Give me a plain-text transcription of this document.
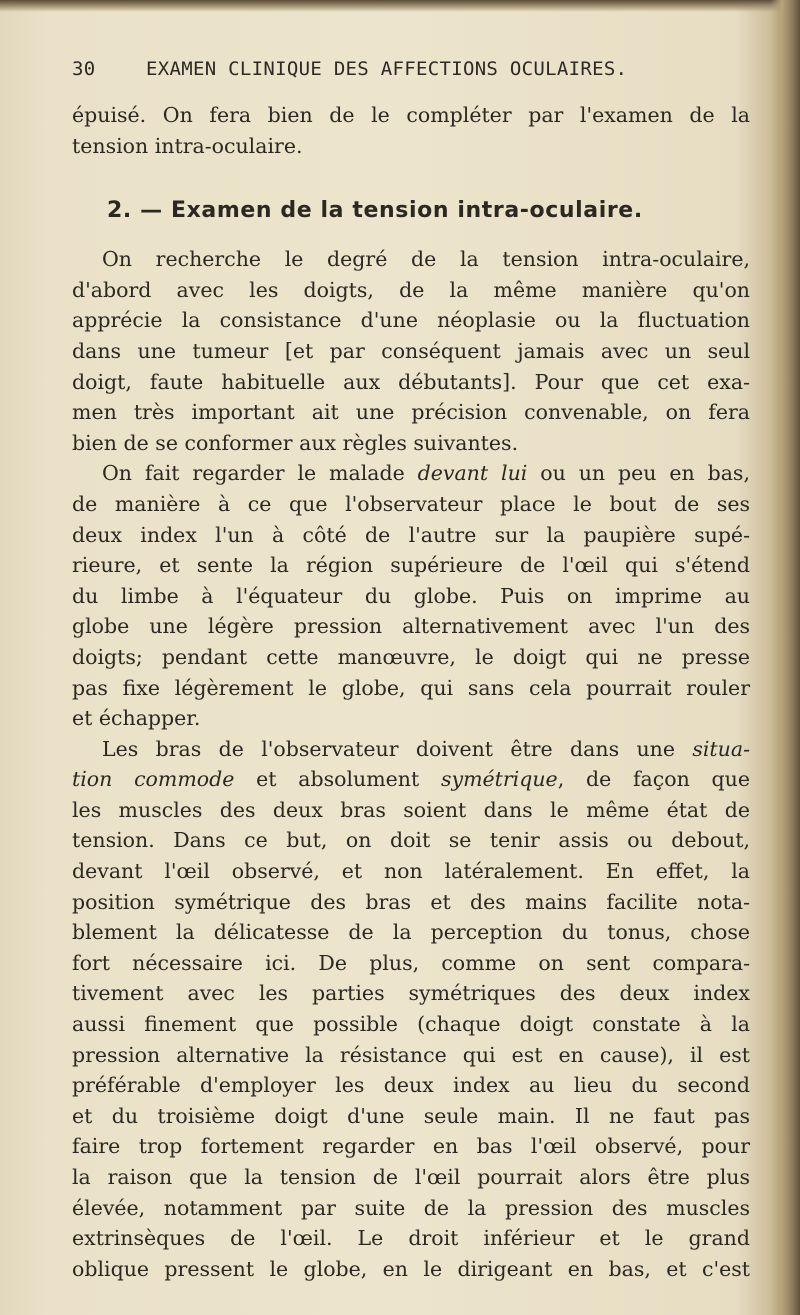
30	EXAMEN CLINIQUE DES AFFECTIONS OCULAIRES.
épuisé. On fera bien de le compléter par l'examen de la
tension intra-oculaire.
2. — Examen de la tension intra-oculaire.
On recherche le degré de la tension intra-oculaire,
d'abord avec les doigts, de la même manière qu'on
apprécie la consistance d'une néoplasie ou la fluctuation
dans une tumeur [et par conséquent jamais avec un seul
doigt, faute habituelle aux débutants]. Pour que cet exa-
men très important ait une précision convenable, on fera
bien de se conformer aux règles suivantes.
On fait regarder le malade devant lui ou un peu en bas,
de manière à ce que l'observateur place le bout de ses
deux index l'un à côté de l'autre sur la paupière supé-
rieure, et sente la région supérieure de l'œil qui s'étend
du limbe à l'équateur du globe. Puis on imprime au
globe une légère pression alternativement avec l'un des
doigts; pendant cette manœuvre, le doigt qui ne presse
pas fixe légèrement le globe, qui sans cela pourrait rouler
et échapper.
Les bras de l'observateur doivent être dans une situa-
tion commode et absolument symétrique, de façon que
les muscles des deux bras soient dans le même état de
tension. Dans ce but, on doit se tenir assis ou debout,
devant l'œil observé, et non latéralement. En effet, la
position symétrique des bras et des mains facilite nota-
blement la délicatesse de la perception du tonus, chose
fort nécessaire ici. De plus, comme on sent compara-
tivement avec les parties symétriques des deux index
aussi finement que possible (chaque doigt constate à la
pression alternative la résistance qui est en cause), il est
préférable d'employer les deux index au lieu du second
et du troisième doigt d'une seule main. Il ne faut pas
faire trop fortement regarder en bas l'œil observé, pour
la raison que la tension de l'œil pourrait alors être plus
élevée, notamment par suite de la pression des muscles
extrinsèques de l'œil. Le droit inférieur et le grand
oblique pressent le globe, en le dirigeant en bas, et c'est
